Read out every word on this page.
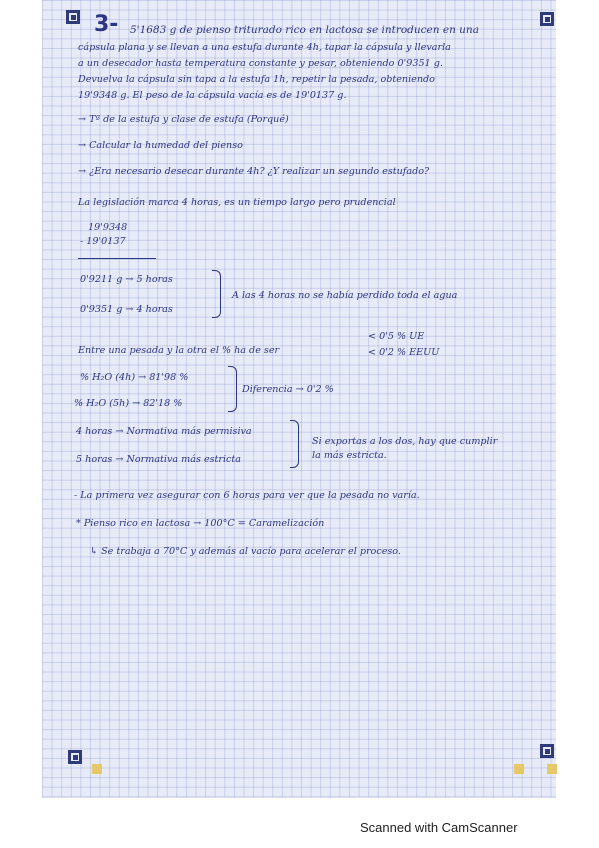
3- 5'1683 g de pienso triturado rico en lactosa se introducen en una
cápsula plana y se llevan a una estufa durante 4h, tapar la cápsula y llevarla
a un desecador hasta temperatura constante y pesar, obteniendo 0'9351 g.
Devuelva la cápsula sin tapa a la estufa 1h, repetir la pesada, obteniendo
19'9348 g. El peso de la cápsula vacía es de 19'0137 g.
→ Tª de la estufa y clase de estufa (Porqué)
→ Calcular la humedad del pienso
→ ¿Era necesario desecar durante 4h? ¿Y realizar un segundo estufado?
La legislación marca 4 horas, es un tiempo largo pero prudencial
19'9348
- 19'0137
0'9211 g → 5 horas
0'9351 g → 4 horas
A las 4 horas no se había perdido toda el agua
Entre una pesada y la otra el % ha de ser
< 0'5 % UE
< 0'2 % EEUU
% H₂O (4h) → 81'98 %
% H₂O (5h) → 82'18 %
Diferencia → 0'2 %
4 horas → Normativa más permisiva
5 horas → Normativa más estricta
Si exportas a los dos, hay que cumplir
la más estricta.
- La primera vez asegurar con 6 horas para ver que la pesada no varía.
* Pienso rico en lactosa → 100°C = Caramelización
↳ Se trabaja a 70°C y además al vacío para acelerar el proceso.
Scanned with CamScanner
